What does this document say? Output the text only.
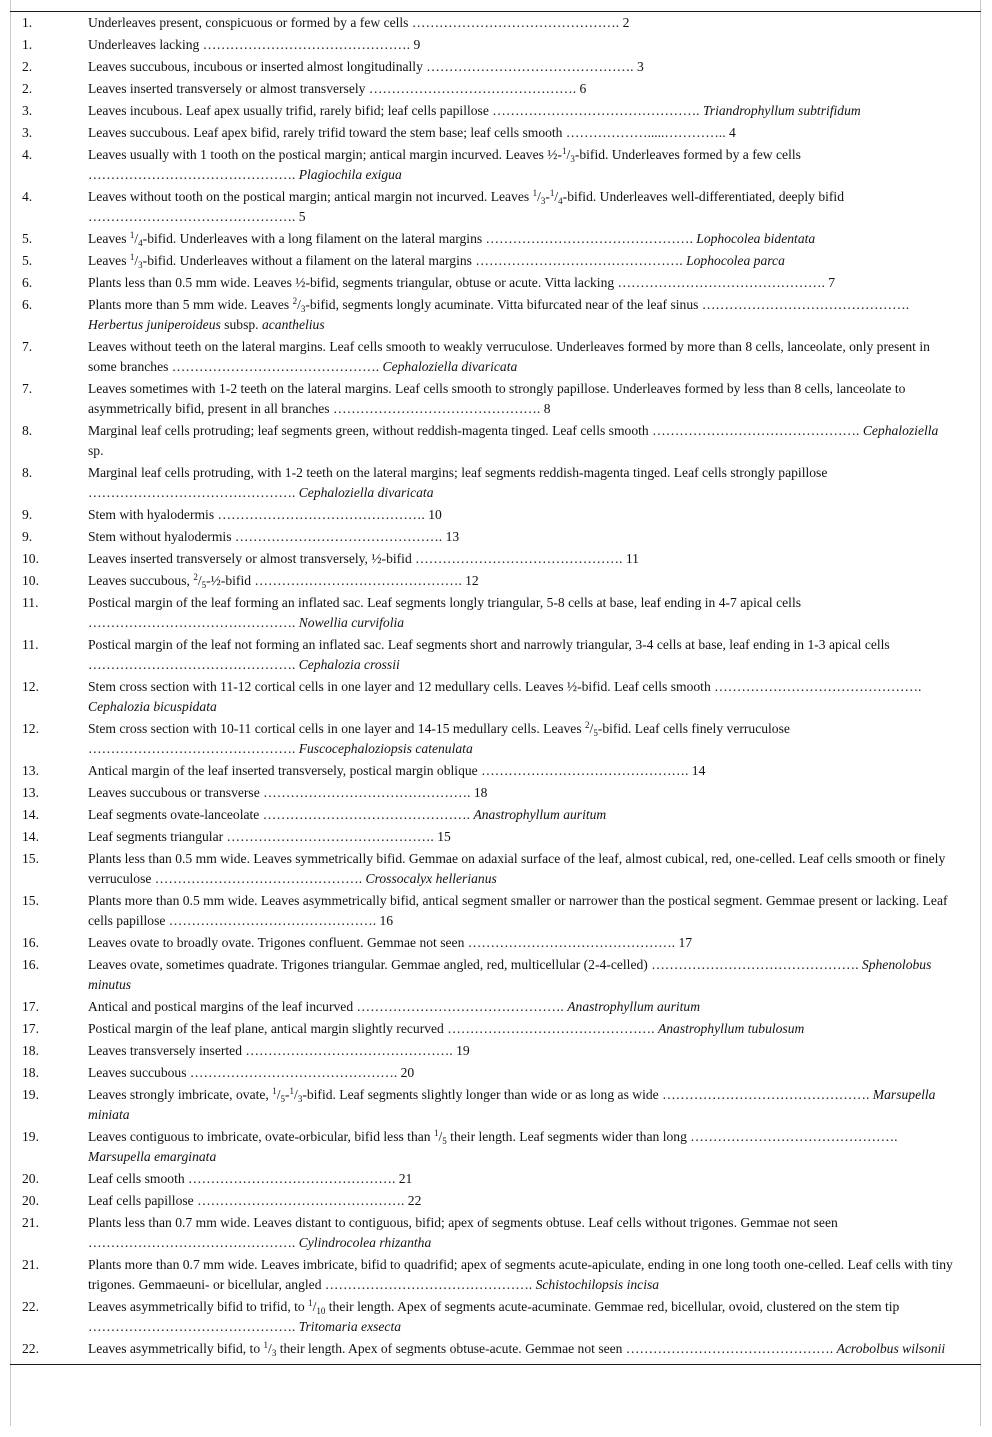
1.	Underleaves present, conspicuous or formed by a few cells ………………………………………. 2
1.	Underleaves lacking ………………………………………. 9
2.	Leaves succubous, incubous or inserted almost longitudinally ………………………………………. 3
2.	Leaves inserted transversely or almost transversely ………………………………………. 6
3.	Leaves incubous. Leaf apex usually trifid, rarely bifid; leaf cells papillose ………………………………………. Triandrophyllum subtrifidum
3.	Leaves succubous. Leaf apex bifid, rarely trifid toward the stem base; leaf cells smooth ……………….....………….. 4
4.	Leaves usually with 1 tooth on the postical margin; antical margin incurved. Leaves $\frac{1}{2}-^1/_3$-bifid. Underleaves formed by a few cells ………………………………………. Plagiochila exigua
4.	Leaves without tooth on the postical margin; antical margin not incurved. Leaves $^1/_3-^1/_4$-bifid. Underleaves well-differentiated, deeply bifid ………………………………………. 5
5.	Leaves $^1/_4$-bifid. Underleaves with a long filament on the lateral margins ………………………………………. Lophocolea bidentata
5.	Leaves $^1/_3$-bifid. Underleaves without a filament on the lateral margins ………………………………………. Lophocolea parca
6.	Plants less than 0.5 mm wide. Leaves ½-bifid, segments triangular, obtuse or acute. Vitta lacking ………………………………………. 7
6.	Plants more than 5 mm wide. Leaves $^2/_3$-bifid, segments longly acuminate. Vitta bifurcated near of the leaf sinus ………………………………………. Herbertus juniperoideus subsp. acanthelius
7.	Leaves without teeth on the lateral margins. Leaf cells smooth to weakly verruculose. Underleaves formed by more than 8 cells, lanceolate, only present in some branches ………………………………………. Cephaloziella divaricata
7.	Leaves sometimes with 1-2 teeth on the lateral margins. Leaf cells smooth to strongly papillose. Underleaves formed by less than 8 cells, lanceolate to asymmetrically bifid, present in all branches ………………………………………. 8
8.	Marginal leaf cells protruding; leaf segments green, without reddish-magenta tinged. Leaf cells smooth ………………………………………. Cephaloziella sp.
8.	Marginal leaf cells protruding, with 1-2 teeth on the lateral margins; leaf segments reddish-magenta tinged. Leaf cells strongly papillose ………………………………………. Cephaloziella divaricata
9.	Stem with hyalodermis ………………………………………. 10
9.	Stem without hyalodermis ………………………………………. 13
10.	Leaves inserted transversely or almost transversely, ½-bifid ………………………………………. 11
10.	Leaves succubous, $^2/_5-\frac{1}{2}$-bifid ………………………………………. 12
11.	Postical margin of the leaf forming an inflated sac. Leaf segments longly triangular, 5-8 cells at base, leaf ending in 4-7 apical cells ………………………………………. Nowellia curvifolia
11.	Postical margin of the leaf not forming an inflated sac. Leaf segments short and narrowly triangular, 3-4 cells at base, leaf ending in 1-3 apical cells ………………………………………. Cephalozia crossii
12.	Stem cross section with 11-12 cortical cells in one layer and 12 medullary cells. Leaves ½-bifid. Leaf cells smooth ………………………………………. Cephalozia bicuspidata
12.	Stem cross section with 10-11 cortical cells in one layer and 14-15 medullary cells. Leaves $^2/_5$-bifid. Leaf cells finely verruculose ………………………………………. Fuscocephaloziopsis catenulata
13.	Antical margin of the leaf inserted transversely, postical margin oblique ………………………………………. 14
13.	Leaves succubous or transverse ………………………………………. 18
14.	Leaf segments ovate-lanceolate ………………………………………. Anastrophyllum auritum
14.	Leaf segments triangular ………………………………………. 15
15.	Plants less than 0.5 mm wide. Leaves symmetrically bifid. Gemmae on adaxial surface of the leaf, almost cubical, red, one-celled. Leaf cells smooth or finely verruculose ………………………………………. Crossocalyx hellerianus
15.	Plants more than 0.5 mm wide. Leaves asymmetrically bifid, antical segment smaller or narrower than the postical segment. Gemmae present or lacking. Leaf cells papillose ………………………………………. 16
16.	Leaves ovate to broadly ovate. Trigones confluent. Gemmae not seen ………………………………………. 17
16.	Leaves ovate, sometimes quadrate. Trigones triangular. Gemmae angled, red, multicellular (2-4-celled) ………………………………………. Sphenolobus minutus
17.	Antical and postical margins of the leaf incurved ………………………………………. Anastrophyllum auritum
17.	Postical margin of the leaf plane, antical margin slightly recurved ………………………………………. Anastrophyllum tubulosum
18.	Leaves transversely inserted ………………………………………. 19
18.	Leaves succubous ………………………………………. 20
19.	Leaves strongly imbricate, ovate, $^1/_5-^1/_3$-bifid. Leaf segments slightly longer than wide or as long as wide ………………………………………. Marsupella miniata
19.	Leaves contiguous to imbricate, ovate-orbicular, bifid less than $^1/_5$ their length. Leaf segments wider than long ………………………………………. Marsupella emarginata
20.	Leaf cells smooth ………………………………………. 21
20.	Leaf cells papillose ………………………………………. 22
21.	Plants less than 0.7 mm wide. Leaves distant to contiguous, bifid; apex of segments obtuse. Leaf cells without trigones. Gemmae not seen ………………………………………. Cylindrocolea rhizantha
21.	Plants more than 0.7 mm wide. Leaves imbricate, bifid to quadrifid; apex of segments acute-apiculate, ending in one long tooth one-celled. Leaf cells with tiny trigones. Gemmaeuni- or bicellular, angled ………………………………………. Schistochilopsis incisa
22.	Leaves asymmetrically bifid to trifid, to $^1/_{10}$ their length. Apex of segments acute-acuminate. Gemmae red, bicellular, ovoid, clustered on the stem tip ………………………………………. Tritomaria exsecta
22.	Leaves asymmetrically bifid, to $^1/_3$ their length. Apex of segments obtuse-acute. Gemmae not seen ………………………………………. Acrobolbus wilsonii
